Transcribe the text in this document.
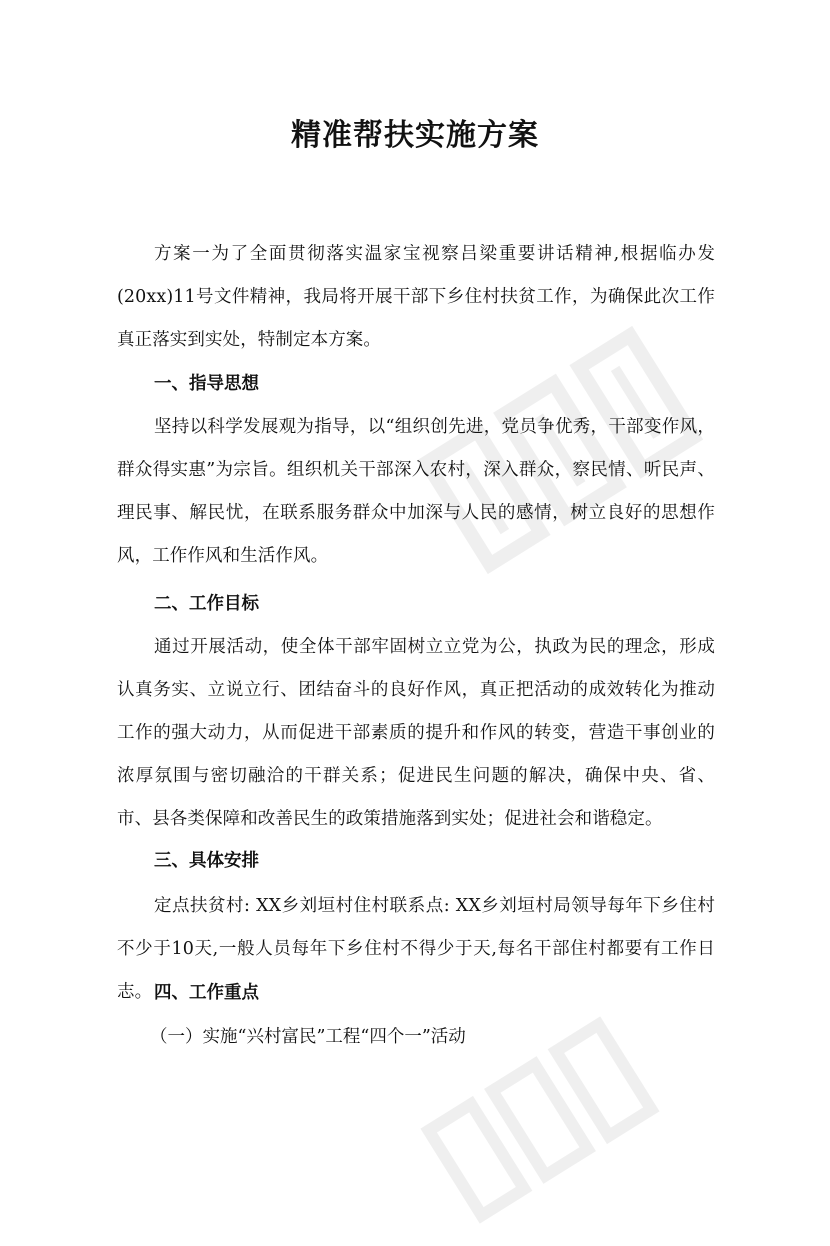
精准帮扶实施方案
方案一为了全面贯彻落实温家宝视察吕梁重要讲话精神,根据临办发(20xx)11号文件精神，我局将开展干部下乡住村扶贫工作，为确保此次工作真正落实到实处，特制定本方案。
一、指导思想
坚持以科学发展观为指导，以“组织创先进，党员争优秀，干部变作风，群众得实惠”为宗旨。组织机关干部深入农村，深入群众，察民情、听民声、理民事、解民忧，在联系服务群众中加深与人民的感情，树立良好的思想作风，工作作风和生活作风。
二、工作目标
通过开展活动，使全体干部牢固树立立党为公，执政为民的理念，形成认真务实、立说立行、团结奋斗的良好作风，真正把活动的成效转化为推动工作的强大动力，从而促进干部素质的提升和作风的转变，营造干事创业的浓厚氛围与密切融洽的干群关系；促进民生问题的解决，确保中央、省、市、县各类保障和改善民生的政策措施落到实处；促进社会和谐稳定。
三、具体安排
定点扶贫村: XX乡刘垣村住村联系点: XX乡刘垣村局领导每年下乡住村不少于10天,一般人员每年下乡住村不得少于天,每名干部住村都要有工作日志。 四、工作重点
（一）实施“兴村富民”工程“四个一”活动
